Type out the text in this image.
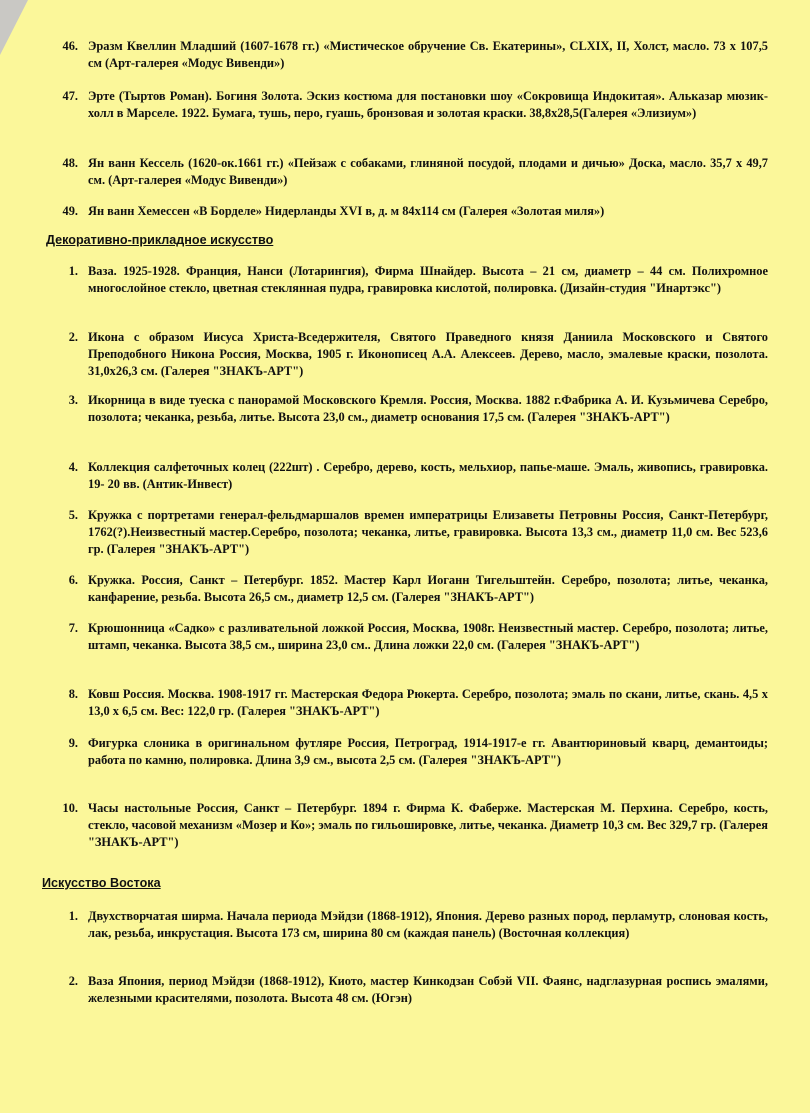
46. Эразм Квеллин Младший (1607-1678 гг.) «Мистическое обручение Св. Екатерины», CLXIX, II, Холст, масло. 73 x 107,5 см (Арт-галерея «Модус Вивенди»)
47. Эрте (Тыртов Роман). Богиня Золота. Эскиз костюма для постановки шоу «Сокровища Индокитая». Альказар мюзик-холл в Марселе. 1922. Бумага, тушь, перо, гуашь, бронзовая и золотая краски. 38,8x28,5(Галерея «Элизиум»)
48. Ян ванн Кессель (1620-ок.1661 гг.) «Пейзаж с собаками, глиняной посудой, плодами и дичью» Доска, масло. 35,7 x 49,7 см. (Арт-галерея «Модус Вивенди»)
49. Ян ванн Хемессен «В Борделе» Нидерланды XVI в, д. м 84x114 см (Галерея «Золотая миля»)
Декоративно-прикладное искусство
1. Ваза. 1925-1928. Франция, Нанси (Лотарингия), Фирма Шнайдер. Высота – 21 см, диаметр – 44 см. Полихромное многослойное стекло, цветная стеклянная пудра, гравировка кислотой, полировка. (Дизайн-студия "Инартэкс")
2. Икона с образом Иисуса Христа-Вседержителя, Святого Праведного князя Даниила Московского и Святого Преподобного Никона Россия, Москва, 1905 г. Иконописец А.А. Алексеев. Дерево, масло, эмалевые краски, позолота. 31,0x26,3 см. (Галерея "ЗНАКЪ-АРТ")
3. Икорница в виде туеска с панорамой Московского Кремля. Россия, Москва. 1882 г.Фабрика А. И. Кузьмичева Серебро, позолота; чеканка, резьба, литье. Высота 23,0 см., диаметр основания 17,5 см. (Галерея "ЗНАКЪ-АРТ")
4. Коллекция салфеточных колец (222шт) . Серебро, дерево, кость, мельхиор, папье-маше. Эмаль, живопись, гравировка. 19- 20 вв. (Антик-Инвест)
5. Кружка с портретами генерал-фельдмаршалов времен императрицы Елизаветы Петровны Россия, Санкт-Петербург, 1762(?).Неизвестный мастер.Серебро, позолота; чеканка, литье, гравировка. Высота 13,3 см., диаметр 11,0 см. Вес 523,6 гр. (Галерея "ЗНАКЪ-АРТ")
6. Кружка. Россия, Санкт – Петербург. 1852. Мастер Карл Иоганн Тигельштейн. Серебро, позолота; литье, чеканка, канфарение, резьба. Высота 26,5 см., диаметр 12,5 см. (Галерея "ЗНАКЪ-АРТ")
7. Крюшонница «Садко» с разливательной ложкой Россия, Москва, 1908г. Неизвестный мастер. Серебро, позолота; литье, штамп, чеканка. Высота 38,5 см., ширина 23,0 см.. Длина ложки 22,0 см. (Галерея "ЗНАКЪ-АРТ")
8. Ковш Россия. Москва. 1908-1917 гг. Мастерская Федора Рюкерта. Серебро, позолота; эмаль по скани, литье, скань. 4,5 x 13,0 x 6,5 см. Вес: 122,0 гр. (Галерея "ЗНАКЪ-АРТ")
9. Фигурка слоника в оригинальном футляре Россия, Петроград, 1914-1917-е гг. Авантюриновый кварц, демантоиды; работа по камню, полировка. Длина 3,9 см., высота 2,5 см. (Галерея "ЗНАКЪ-АРТ")
10. Часы настольные Россия, Санкт – Петербург. 1894 г. Фирма К. Фаберже. Мастерская М. Перхина. Серебро, кость, стекло, часовой механизм «Мозер и Ко»; эмаль по гильошировке, литье, чеканка. Диаметр 10,3 см. Вес 329,7 гр. (Галерея "ЗНАКЪ-АРТ")
Искусство Востока
1. Двухстворчатая ширма. Начала периода Мэйдзи (1868-1912), Япония. Дерево разных пород, перламутр, слоновая кость, лак, резьба, инкрустация. Высота 173 см, ширина 80 см (каждая панель) (Восточная коллекция)
2. Ваза Япония, период Мэйдзи (1868-1912), Киото, мастер Кинкодзан Собэй VII. Фаянс, надглазурная роспись эмалями, железными красителями, позолота. Высота 48 см. (Югэн)
